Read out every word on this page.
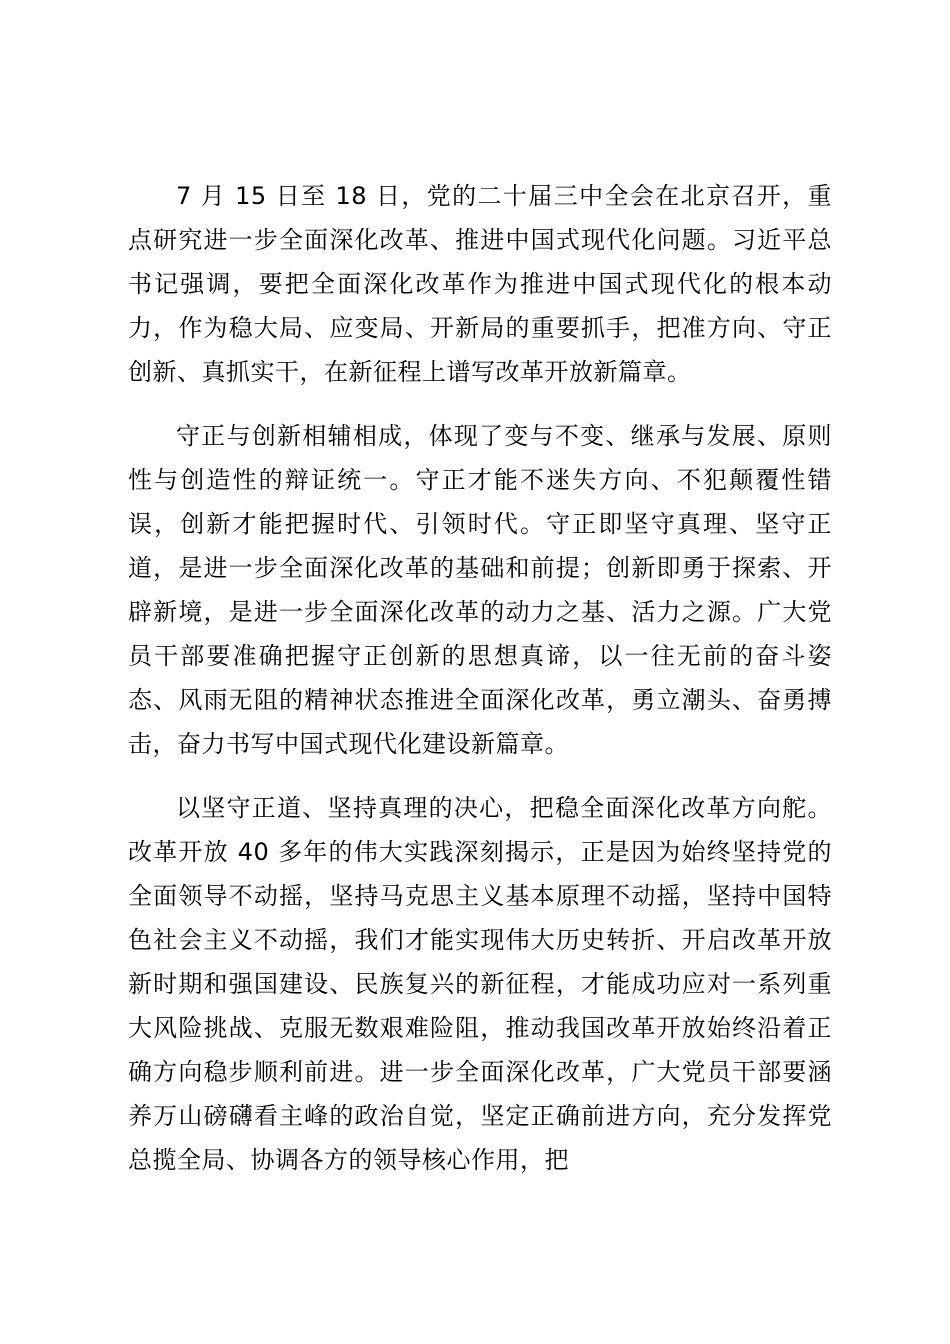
7 月 15 日至 18 日，党的二十届三中全会在北京召开，重点研究进一步全面深化改革、推进中国式现代化问题。习近平总书记强调，要把全面深化改革作为推进中国式现代化的根本动力，作为稳大局、应变局、开新局的重要抓手，把准方向、守正创新、真抓实干，在新征程上谱写改革开放新篇章。

守正与创新相辅相成，体现了变与不变、继承与发展、原则性与创造性的辩证统一。守正才能不迷失方向、不犯颠覆性错误，创新才能把握时代、引领时代。守正即坚守真理、坚守正道，是进一步全面深化改革的基础和前提；创新即勇于探索、开辟新境，是进一步全面深化改革的动力之基、活力之源。广大党员干部要准确把握守正创新的思想真谛，以一往无前的奋斗姿态、风雨无阻的精神状态推进全面深化改革，勇立潮头、奋勇搏击，奋力书写中国式现代化建设新篇章。

以坚守正道、坚持真理的决心，把稳全面深化改革方向舵。改革开放 40 多年的伟大实践深刻揭示，正是因为始终坚持党的全面领导不动摇，坚持马克思主义基本原理不动摇，坚持中国特色社会主义不动摇，我们才能实现伟大历史转折、开启改革开放新时期和强国建设、民族复兴的新征程，才能成功应对一系列重大风险挑战、克服无数艰难险阻，推动我国改革开放始终沿着正确方向稳步顺利前进。进一步全面深化改革，广大党员干部要涵养万山磅礴看主峰的政治自觉，坚定正确前进方向，充分发挥党总揽全局、协调各方的领导核心作用，把
